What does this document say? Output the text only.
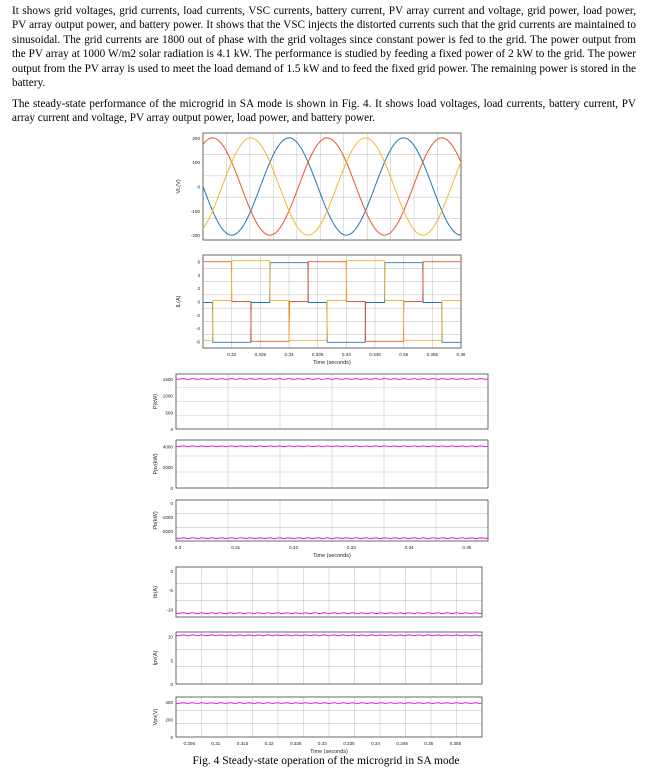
It shows grid voltages, grid currents, load currents, VSC currents, battery current, PV array current and voltage, grid power, load power, PV array output power, and battery power. It shows that the VSC injects the distorted currents such that the grid currents are maintained to sinusoidal. The grid currents are 1800 out of phase with the grid voltages since constant power is fed to the grid. The power output from the PV array at 1000 W/m2 solar radiation is 4.1 kW. The performance is studied by feeding a fixed power of 2 kW to the grid. The power output from the PV array is used to meet the load demand of 1.5 kW and to feed the fixed grid power. The remaining power is stored in the battery.

The steady-state performance of the microgrid in SA mode is shown in Fig. 4. It shows load voltages, load currents, battery current, PV array current and voltage, PV array output power, load power, and battery power.

200
100
0
-100
-200
VL(V)
6
4
2
0
-2
-4
-6
IL(A)
0.32	0.325	0.33	0.335	0.34	0.345	0.35	0.355	0.36
Time (seconds)
1500
1000
500
0
P(kW)
4000
2000
0
Ppv(kW)
0
-1000
-2000
Pb(kW)
0.3	0.31	0.32	0.33	0.34	0.35
Time (seconds)
0
-5
-10
Ib(A)
10
5
0
Ipv(A)
400
200
0
Vpv(V)
0.305	0.31	0.315	0.32	0.325	0.33	0.335	0.34	0.345	0.35	0.355
Time (seconds)
Fig. 4 Steady-state operation of the microgrid in SA mode
